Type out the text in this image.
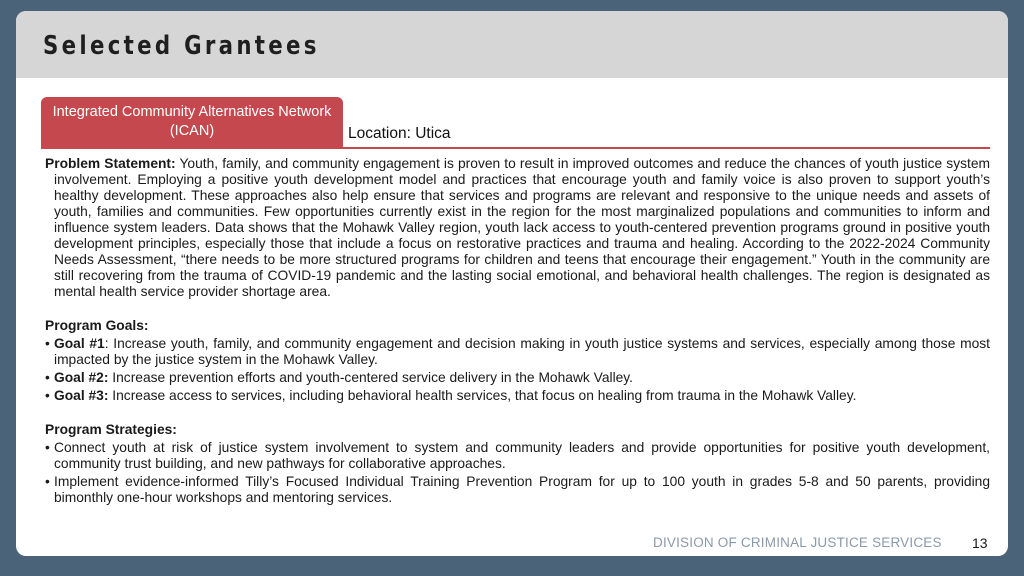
Selected Grantees
Integrated Community Alternatives Network (ICAN)	Location: Utica

Problem Statement: Youth, family, and community engagement is proven to result in improved outcomes and reduce the chances of youth justice system involvement. Employing a positive youth development model and practices that encourage youth and family voice is also proven to support youth’s healthy development. These approaches also help ensure that services and programs are relevant and responsive to the unique needs and assets of youth, families and communities. Few opportunities currently exist in the region for the most marginalized populations and communities to inform and influence system leaders. Data shows that the Mohawk Valley region, youth lack access to youth-centered prevention programs ground in positive youth development principles, especially those that include a focus on restorative practices and trauma and healing. According to the 2022-2024 Community Needs Assessment, “there needs to be more structured programs for children and teens that encourage their engagement.” Youth in the community are still recovering from the trauma of COVID-19 pandemic and the lasting social emotional, and behavioral health challenges. The region is designated as mental health service provider shortage area.

Program Goals:
• Goal #1: Increase youth, family, and community engagement and decision making in youth justice systems and services, especially among those most impacted by the justice system in the Mohawk Valley.
• Goal #2: Increase prevention efforts and youth-centered service delivery in the Mohawk Valley.
• Goal #3: Increase access to services, including behavioral health services, that focus on healing from trauma in the Mohawk Valley.
Program Strategies:
• Connect youth at risk of justice system involvement to system and community leaders and provide opportunities for positive youth development, community trust building, and new pathways for collaborative approaches.
• Implement evidence-informed Tilly’s Focused Individual Training Prevention Program for up to 100 youth in grades 5-8 and 50 parents, providing bimonthly one-hour workshops and mentoring services.
DIVISION OF CRIMINAL JUSTICE SERVICES 13
